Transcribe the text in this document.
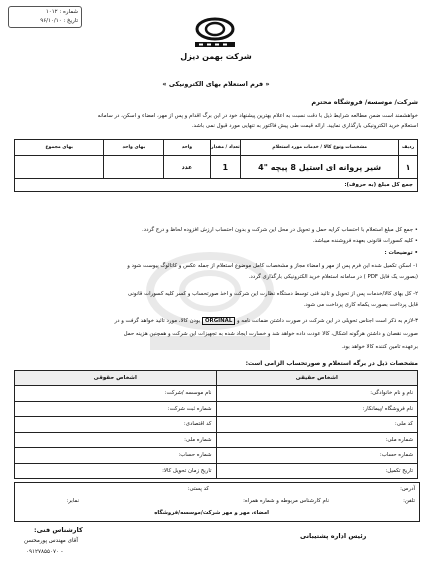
شماره : ۱۰۱۲
تاریخ : ۹۶/۱۰/۱۰
شرکت بهمن دیزل
« فرم استعلام بهای الکترونیکی »
شرکت/ موسسه/ فروشگاه محترم
خواهشمند است ضمن مطالعه شرایط ذیل با دقت نسبت به اعلام بهترین پیشنهاد خود در این برگ اقدام و پس از مهر، امضاء و اسکن، در سامانه
استعلام خرید الکترونیکی بارگذاری نمایید. ارائه قیمت طی پیش فاکتور به تنهایی مورد قبول نمی باشد.
ردیف	مشخصات ونوع کالا / خدمات مورد استعلام	تعداد / مقدار	واحد	بهای واحد	بهای مجموع
۱	شیر پروانه ای استیل 8 پیچه "4	1	عدد		
جمع کل مبلغ (به حروف):					
• جمع کل مبلغ استعلام با احتساب کرایه حمل و تحویل در محل این شرکت و بدون احتساب ارزش افزوده لحاظ و درج گردد.
• کلیه کسورات قانونی بعهده فروشنده میباشد.
• توضیحات :
۱- اسکن تکمیل شده این فرم پس از مهر و امضاء مجاز و مشخصات کامل موضوع استعلام از جمله عکس و کاتالوگ پیوست شود و
(بصورت یک فایل PDF ) در سامانه استعلام خرید الکترونیکی بارگذاری گردد.
۲- کل بهای کالا/خدمات پس از تحویل و تائید فنی توسط دستگاه نظارت این شرکت و اخذ صورتحساب و کسر کلیه کسورات قانونی
قابل پرداخت بصورت یکماه کاری پرداخت می شود.
۳-لازم به ذکر است اجناس تحویلی در این شرکت در صورت داشتن ضمانت نامه و ORGINAL بودن کالا، مورد تائید خواهد گرفت و در
صورت نقصان و داشتن هرگونه اشکال، کالا عودت داده خواهد شد و خسارت ایجاد شده به تجهیزات این شرکت و همچنین هزینه حمل
برعهده تامین کننده کالا خواهد بود.
مشخصات ذیل در برگه استعلام و صورتحساب الزامی است:
اشخاص حقیقی	اشخاص حقوقی
نام و نام خانوادگی:	نام موسسه /شرکت:
نام فروشگاه /پیمانکار:	شماره ثبت شرکت:
کد ملی:	کد اقتصادی:
شماره ملی:	شماره ملی:
شماره حساب:	شماره حساب:
تاریخ تکمیل:	تاریخ زمان تحویل کالا:
آدرس:
کد پستی:
تلفن:
نام کارشناس مربوطه و شماره همراه:
نمابر:
امضاء، مهر و مهر شرکت/موسسه/فروشگاه
رئیس اداره پشتیبانی
کارشناس فنی:
آقای مهندس پورمحسن
۰۹۱۲۷۸۵۵۰۷۰ -
